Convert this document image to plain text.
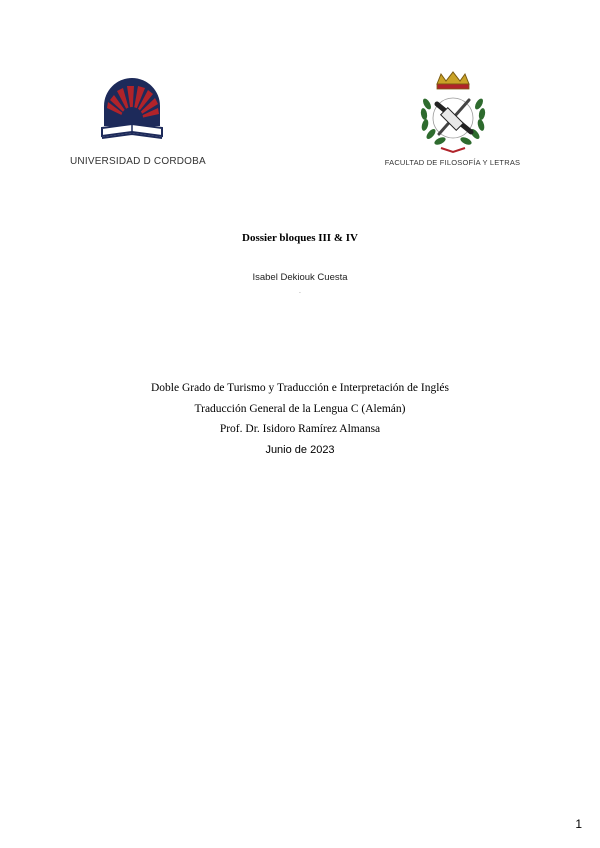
UNIVERSIDAD D CORDOBA	FACULTAD DE FILOSOFÍA Y LETRAS
Dossier bloques III & IV
Isabel Dekiouk Cuesta
.
Doble Grado de Turismo y Traducción e Interpretación de Inglés
Traducción General de la Lengua C (Alemán)
Prof. Dr. Isidoro Ramírez Almansa
Junio de 2023
1
